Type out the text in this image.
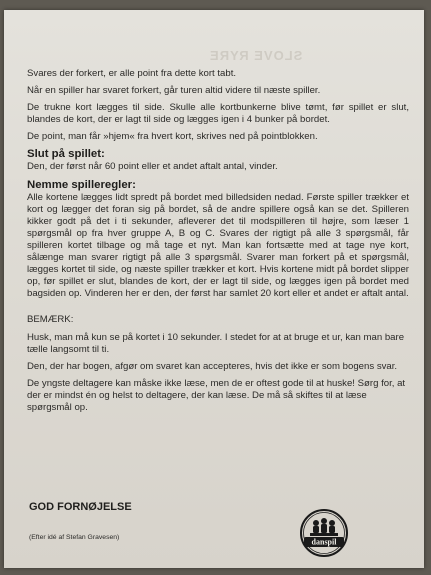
SLOVE RYRE

Svares der forkert, er alle point fra dette kort tabt.

Når en spiller har svaret forkert, går turen altid videre til næste spiller.

De trukne kort lægges til side. Skulle alle kortbunkerne blive tømt, før spillet er slut, blandes de kort, der er lagt til side og lægges igen i 4 bunker på bordet.

De point, man får »hjem« fra hvert kort, skrives ned på pointblokken.

Slut på spillet:

Den, der først når 60 point eller et andet aftalt antal, vinder.

Nemme spilleregler:

Alle kortene lægges lidt spredt på bordet med billedsiden nedad. Første spiller trækker et kort og lægger det foran sig på bordet, så de andre spillere også kan se det. Spilleren kikker godt på det i ti sekunder, afleverer det til modspilleren til højre, som læser 1 spørgsmål op fra hver gruppe A, B og C. Svares der rigtigt på alle 3 spørgsmål, får spilleren kortet tilbage og må tage et nyt. Man kan fortsætte med at tage nye kort, sålænge man svarer rigtigt på alle 3 spørgsmål. Svarer man forkert på et spørgsmål, lægges kortet til side, og næste spiller trækker et kort. Hvis kortene midt på bordet slipper op, før spillet er slut, blandes de kort, der er lagt til side, og lægges igen på bordet med bagsiden op. Vinderen her er den, der først har samlet 20 kort eller et andet er aftalt antal.

BEMÆRK:

Husk, man må kun se på kortet i 10 sekunder. I stedet for at at bruge et ur, kan man bare tælle langsomt til ti.

Den, der har bogen, afgør om svaret kan accepteres, hvis det ikke er som bogens svar.

De yngste deltagere kan måske ikke læse, men de er oftest gode til at huske! Sørg for, at der er mindst én og helst to deltagere, der kan læse. De må så skiftes til at læse spørgsmål op.

GOD FORNØJELSE
(Efter idé af Stefan Gravesen)
danspil
